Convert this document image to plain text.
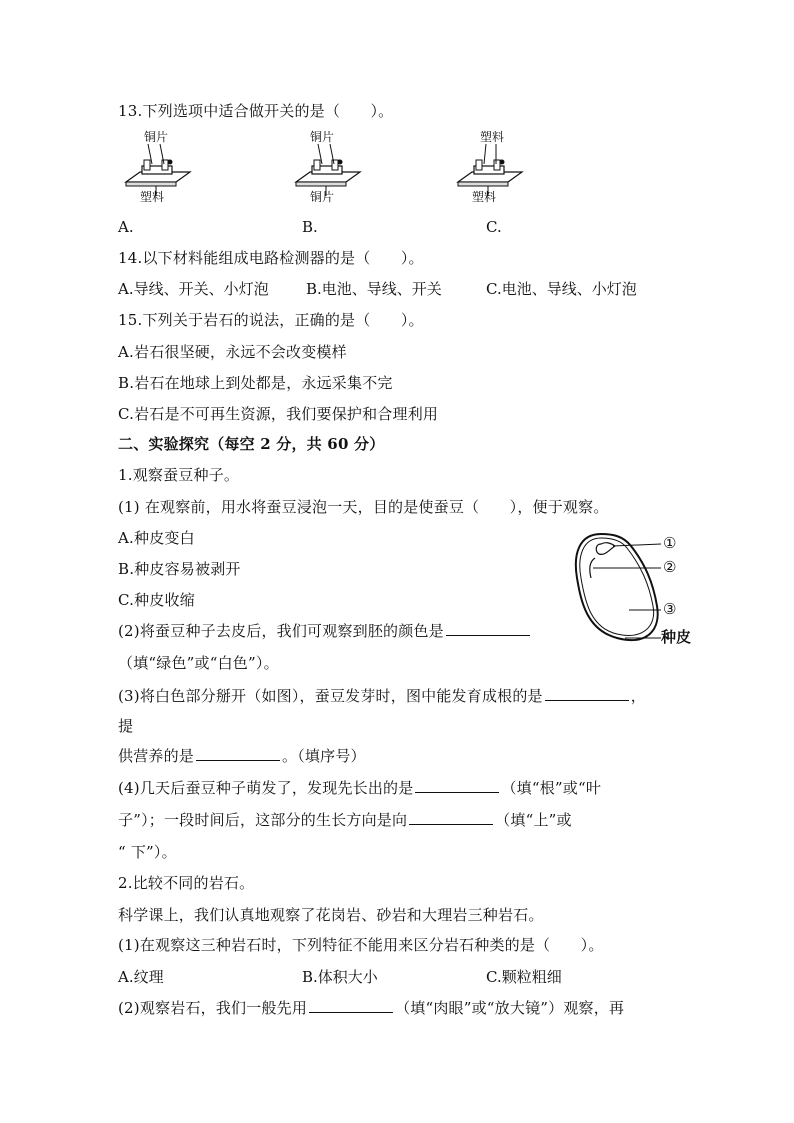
13.下列选项中适合做开关的是（　　）。
铜片
塑料
A.
铜片
铜片
B.
塑料
塑料
C.
14.以下材料能组成电路检测器的是（　　）。
A.导线、开关、小灯泡 B.电池、导线、开关	C.电池、导线、小灯泡
15.下列关于岩石的说法，正确的是（　　）。
A.岩石很坚硬，永远不会改变模样
B.岩石在地球上到处都是，永远采集不完
C.岩石是不可再生资源，我们要保护和合理利用
二、实验探究（每空 2 分，共 60 分）
1.观察蚕豆种子。
(1) 在观察前，用水将蚕豆浸泡一天，目的是使蚕豆（　　），便于观察。
A.种皮变白
B.种皮容易被剥开
C.种皮收缩
(2)将蚕豆种子去皮后，我们可观察到胚的颜色是
（填“绿色”或“白色”）。
(3)将白色部分掰开（如图），蚕豆发芽时，图中能发育成根的是	，
提
供营养的是	。（填序号）
(4)几天后蚕豆种子萌发了，发现先长出的是	（填“根”或“叶
子”）；一段时间后，这部分的生长方向是向	（填“上”或
“ 下”）。
①
②
③
种皮
2.比较不同的岩石。
科学课上，我们认真地观察了花岗岩、砂岩和大理岩三种岩石。
(1)在观察这三种岩石时，下列特征不能用来区分岩石种类的是（　　）。
A.纹理	B.体积大小	C.颗粒粗细
(2)观察岩石，我们一般先用	（填“肉眼”或“放大镜”）观察，再
